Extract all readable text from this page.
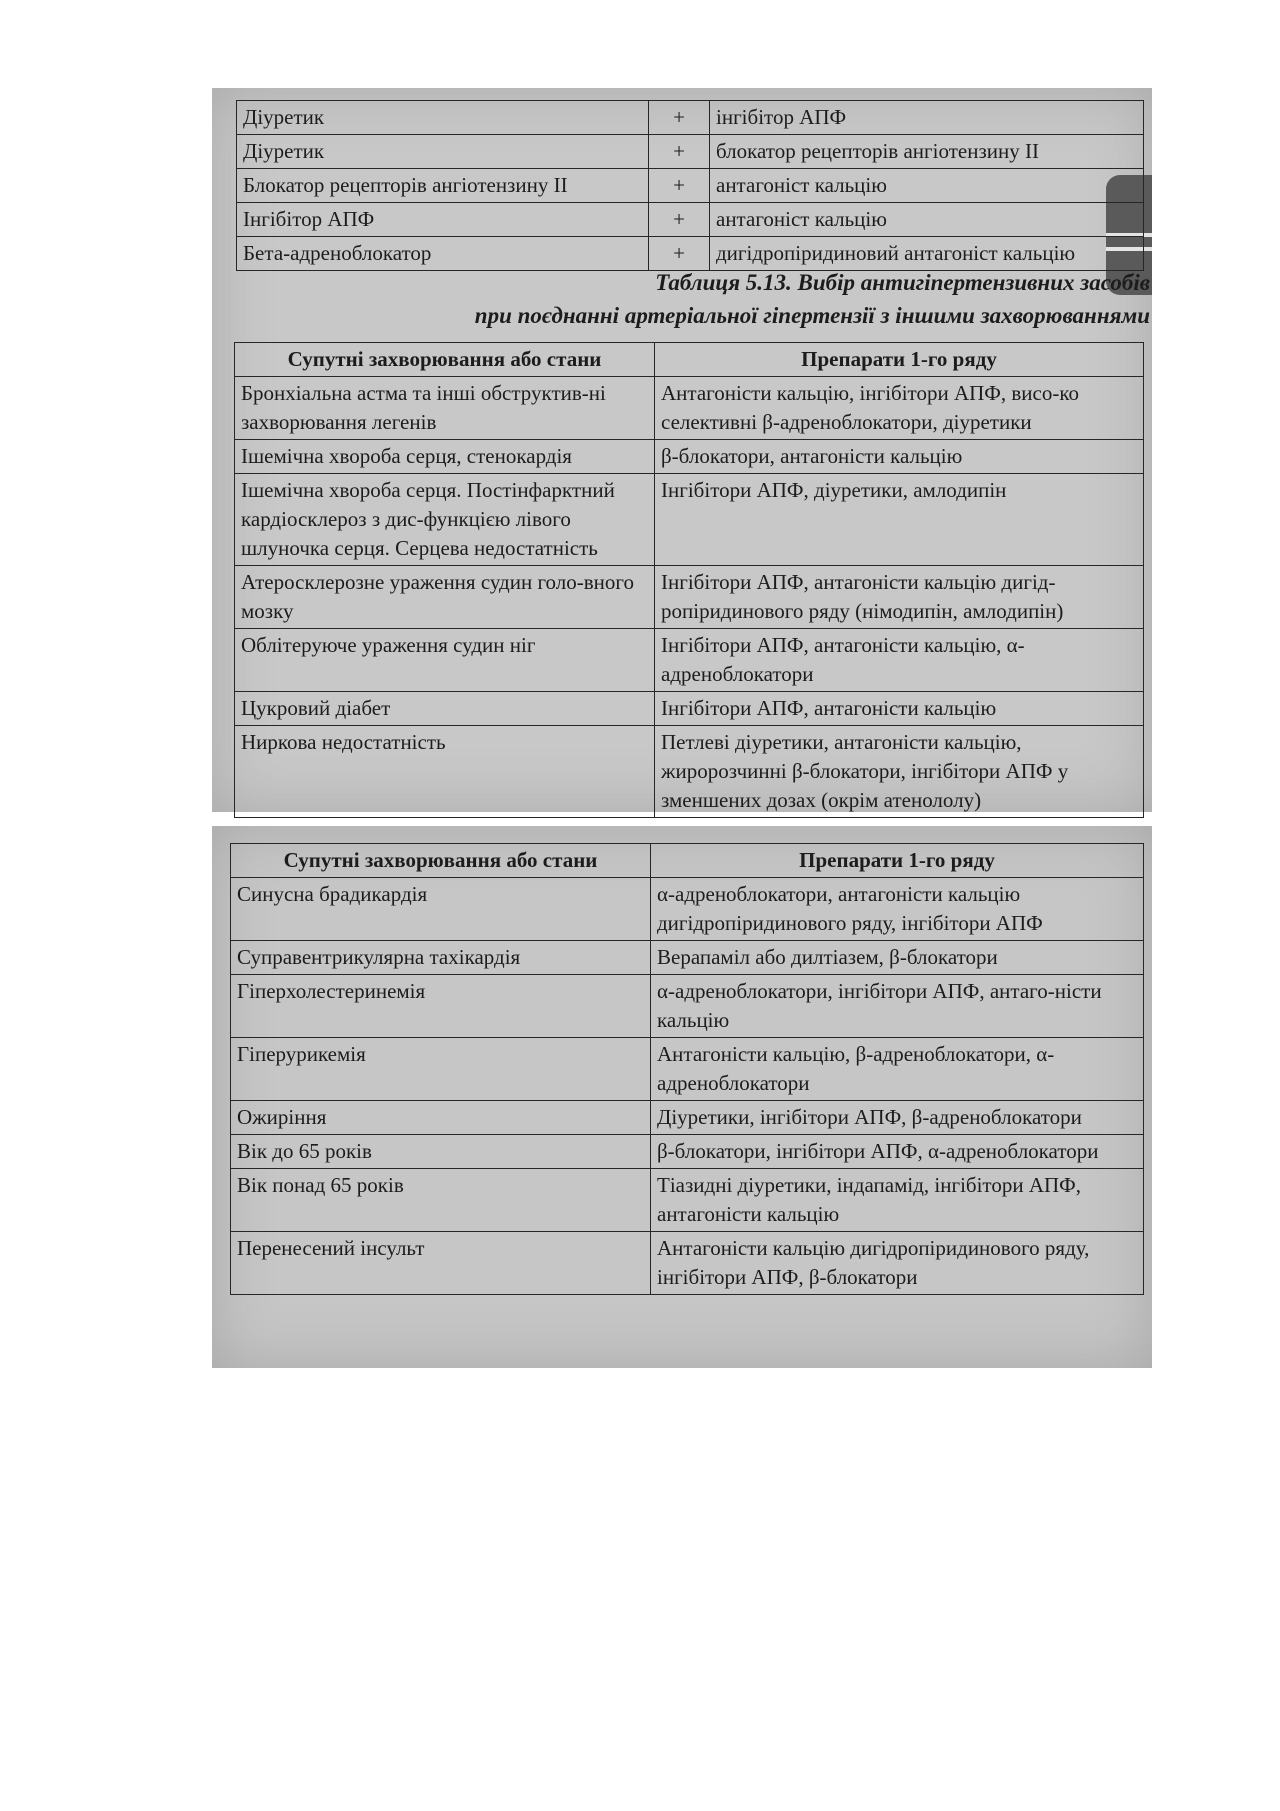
Діуретик	+	інгібітор АПФ
Діуретик	+	блокатор рецепторів ангіотензину II
Блокатор рецепторів ангіотензину II	+	антагоніст кальцію
Інгібітор АПФ	+	антагоніст кальцію
Бета-адреноблокатор	+	дигідропіридиновий антагоніст кальцію
Таблиця 5.13. Вибір антигіпертензивних засобів
при поєднанні артеріальної гіпертензії з іншими захворюваннями
Супутні захворювання або стани	Препарати 1-го ряду
Бронхіальна астма та інші обструктив-ні захворювання легенів	Антагоністи кальцію, інгібітори АПФ, висо-ко селективні β-адреноблокатори, діуретики
Ішемічна хвороба серця, стенокардія	β-блокатори, антагоністи кальцію
Ішемічна хвороба серця. Постінфарктний кардіосклероз з дис-функцією лівого шлуночка серця. Серцева недостатність	Інгібітори АПФ, діуретики, амлодипін
Атеросклерозне ураження судин голо-вного мозку	Інгібітори АПФ, антагоністи кальцію дигід-ропіридинового ряду (німодипін, амлодипін)
Облітеруюче ураження судин ніг	Інгібітори АПФ, антагоністи кальцію, α-адреноблокатори
Цукровий діабет	Інгібітори АПФ, антагоністи кальцію
Ниркова недостатність	Петлеві діуретики, антагоністи кальцію, жиророзчинні β-блокатори, інгібітори АПФ у зменшених дозах (окрім атенололу)
Супутні захворювання або стани	Препарати 1-го ряду
Синусна брадикардія	α-адреноблокатори, антагоністи кальцію дигідропіридинового ряду, інгібітори АПФ
Суправентрикулярна тахікардія	Верапаміл або дилтіазем, β-блокатори
Гіперхолестеринемія	α-адреноблокатори, інгібітори АПФ, антаго-ністи кальцію
Гіперурикемія	Антагоністи кальцію, β-адреноблокатори, α-адреноблокатори
Ожиріння	Діуретики, інгібітори АПФ, β-адреноблокатори
Вік до 65 років	β-блокатори, інгібітори АПФ, α-адреноблокатори
Вік понад 65 років	Тіазидні діуретики, індапамід, інгібітори АПФ, антагоністи кальцію
Перенесений інсульт	Антагоністи кальцію дигідропіридинового ряду, інгібітори АПФ, β-блокатори
